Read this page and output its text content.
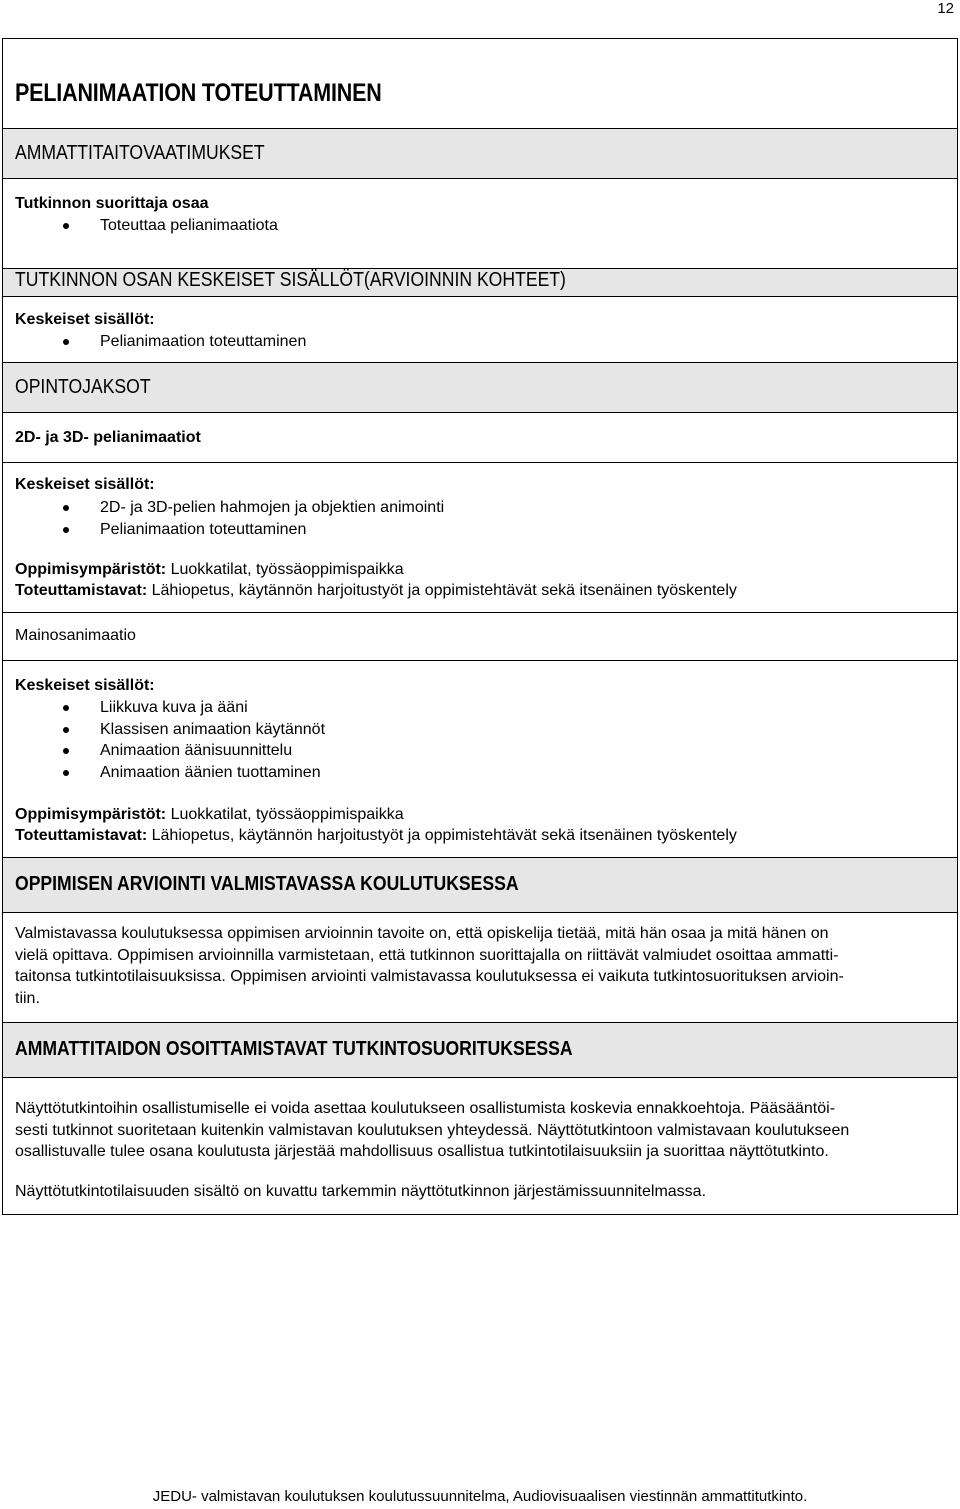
12
PELIANIMAATION TOTEUTTAMINEN
AMMATTITAITOVAATIMUKSET
Tutkinnon suorittaja osaa
Toteuttaa pelianimaatiota
TUTKINNON OSAN KESKEISET SISÄLLÖT(ARVIOINNIN KOHTEET)
Keskeiset sisällöt:
Pelianimaation toteuttaminen
OPINTOJAKSOT
2D- ja 3D- pelianimaatiot
Keskeiset sisällöt:
2D- ja 3D-pelien hahmojen ja objektien animointi
Pelianimaation toteuttaminen
Oppimisympäristöt: Luokkatilat, työssäoppimispaikka
Toteuttamistavat: Lähiopetus, käytännön harjoitustyöt ja oppimistehtävät sekä itsenäinen työskentely
Mainosanimaatio
Keskeiset sisällöt:
Liikkuva kuva ja ääni
Klassisen animaation käytännöt
Animaation äänisuunnittelu
Animaation äänien tuottaminen
Oppimisympäristöt: Luokkatilat, työssäoppimispaikka
Toteuttamistavat: Lähiopetus, käytännön harjoitustyöt ja oppimistehtävät sekä itsenäinen työskentely
OPPIMISEN ARVIOINTI VALMISTAVASSA KOULUTUKSESSA

Valmistavassa koulutuksessa oppimisen arvioinnin tavoite on, että opiskelija tietää, mitä hän osaa ja mitä hänen on

vielä opittava. Oppimisen arvioinnilla varmistetaan, että tutkinnon suorittajalla on riittävät valmiudet osoittaa ammatti-

taitonsa tutkintotilaisuuksissa. Oppimisen arviointi valmistavassa koulutuksessa ei vaikuta tutkintosuorituksen arvioin-

tiin.

AMMATTITAIDON OSOITTAMISTAVAT TUTKINTOSUORITUKSESSA

Näyttötutkintoihin osallistumiselle ei voida asettaa koulutukseen osallistumista koskevia ennakkoehtoja. Pääsääntöi-

sesti tutkinnot suoritetaan kuitenkin valmistavan koulutuksen yhteydessä. Näyttötutkintoon valmistavaan koulutukseen

osallistuvalle tulee osana koulutusta järjestää mahdollisuus osallistua tutkintotilaisuuksiin ja suorittaa näyttötutkinto.

Näyttötutkintotilaisuuden sisältö on kuvattu tarkemmin näyttötutkinnon järjestämissuunnitelmassa.

JEDU- valmistavan koulutuksen koulutussuunnitelma, Audiovisuaalisen viestinnän ammattitutkinto.
